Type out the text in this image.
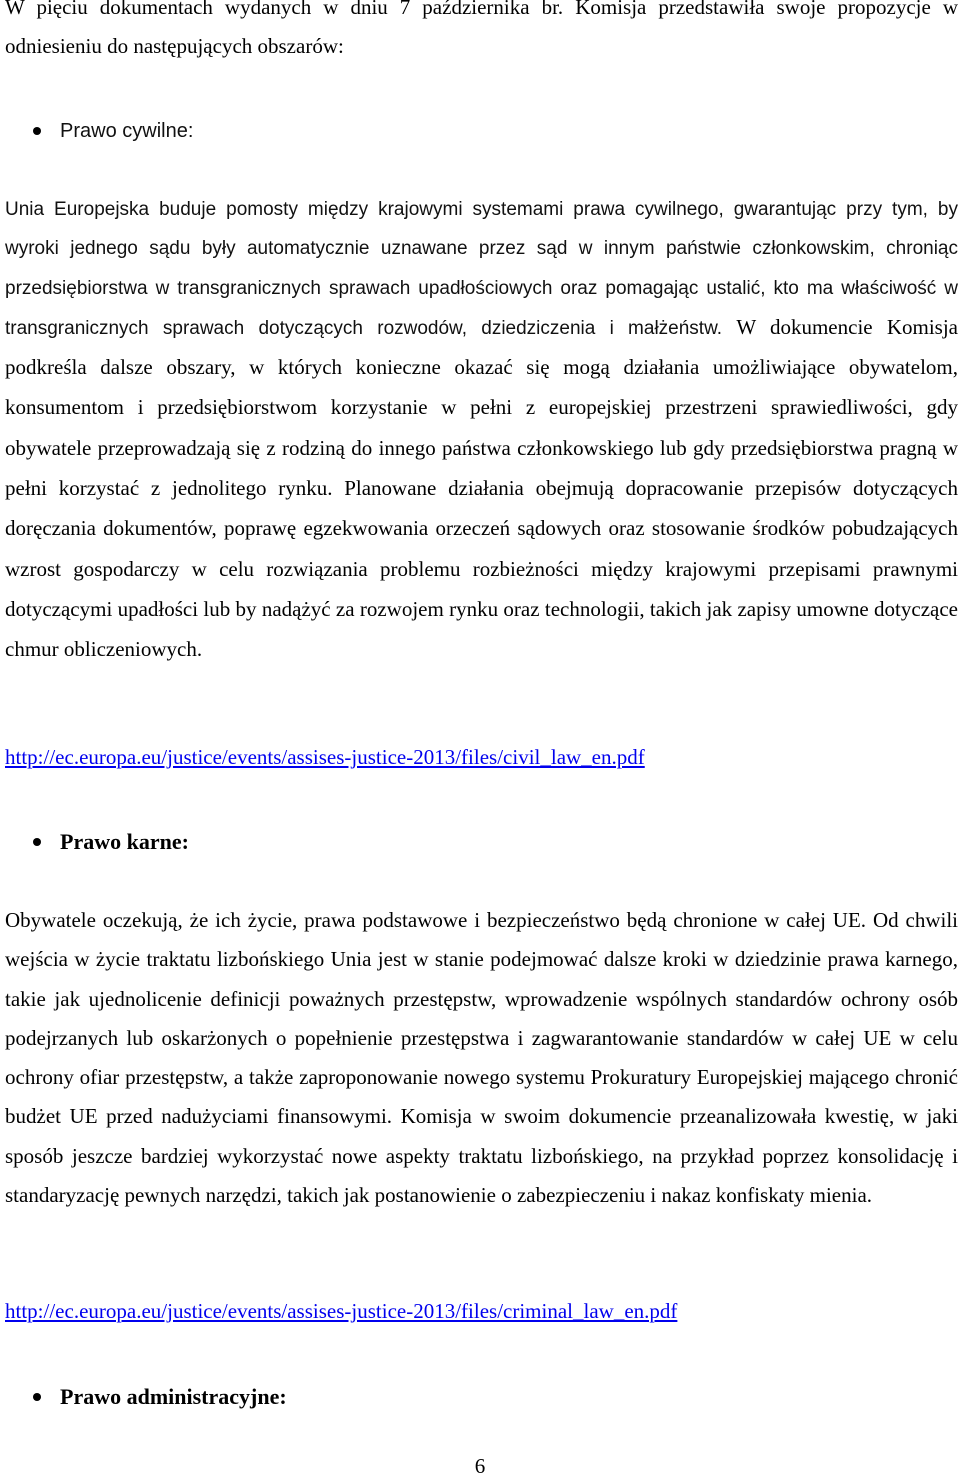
W pięciu dokumentach wydanych w dniu 7 października br. Komisja przedstawiła swoje propozycje w odniesieniu do następujących obszarów:

Prawo cywilne:

Unia Europejska buduje pomosty między krajowymi systemami prawa cywilnego, gwarantując przy tym, by wyroki jednego sądu były automatycznie uznawane przez sąd w innym państwie członkowskim, chroniąc przedsiębiorstwa w transgranicznych sprawach upadłościowych oraz pomagając ustalić, kto ma właściwość w transgranicznych sprawach dotyczących rozwodów, dziedziczenia i małżeństw. W dokumencie Komisja podkreśla dalsze obszary, w których konieczne okazać się mogą działania umożliwiające obywatelom, konsumentom i przedsiębiorstwom korzystanie w pełni z europejskiej przestrzeni sprawiedliwości, gdy obywatele przeprowadzają się z rodziną do innego państwa członkowskiego lub gdy przedsiębiorstwa pragną w pełni korzystać z jednolitego rynku. Planowane działania obejmują dopracowanie przepisów dotyczących doręczania dokumentów, poprawę egzekwowania orzeczeń sądowych oraz stosowanie środków pobudzających wzrost gospodarczy w celu rozwiązania problemu rozbieżności między krajowymi przepisami prawnymi dotyczącymi upadłości lub by nadążyć za rozwojem rynku oraz technologii, takich jak zapisy umowne dotyczące chmur obliczeniowych.

http://ec.europa.eu/justice/events/assises-justice-2013/files/civil_law_en.pdf
Prawo karne:

Obywatele oczekują, że ich życie, prawa podstawowe i bezpieczeństwo będą chronione w całej UE. Od chwili wejścia w życie traktatu lizbońskiego Unia jest w stanie podejmować dalsze kroki w dziedzinie prawa karnego, takie jak ujednolicenie definicji poważnych przestępstw, wprowadzenie wspólnych standardów ochrony osób podejrzanych lub oskarżonych o popełnienie przestępstwa i zagwarantowanie standardów w całej UE w celu ochrony ofiar przestępstw, a także zaproponowanie nowego systemu Prokuratury Europejskiej mającego chronić budżet UE przed nadużyciami finansowymi. Komisja w swoim dokumencie przeanalizowała kwestię, w jaki sposób jeszcze bardziej wykorzystać nowe aspekty traktatu lizbońskiego, na przykład poprzez konsolidację i standaryzację pewnych narzędzi, takich jak postanowienie o zabezpieczeniu i nakaz konfiskaty mienia.

http://ec.europa.eu/justice/events/assises-justice-2013/files/criminal_law_en.pdf
Prawo administracyjne:
6
